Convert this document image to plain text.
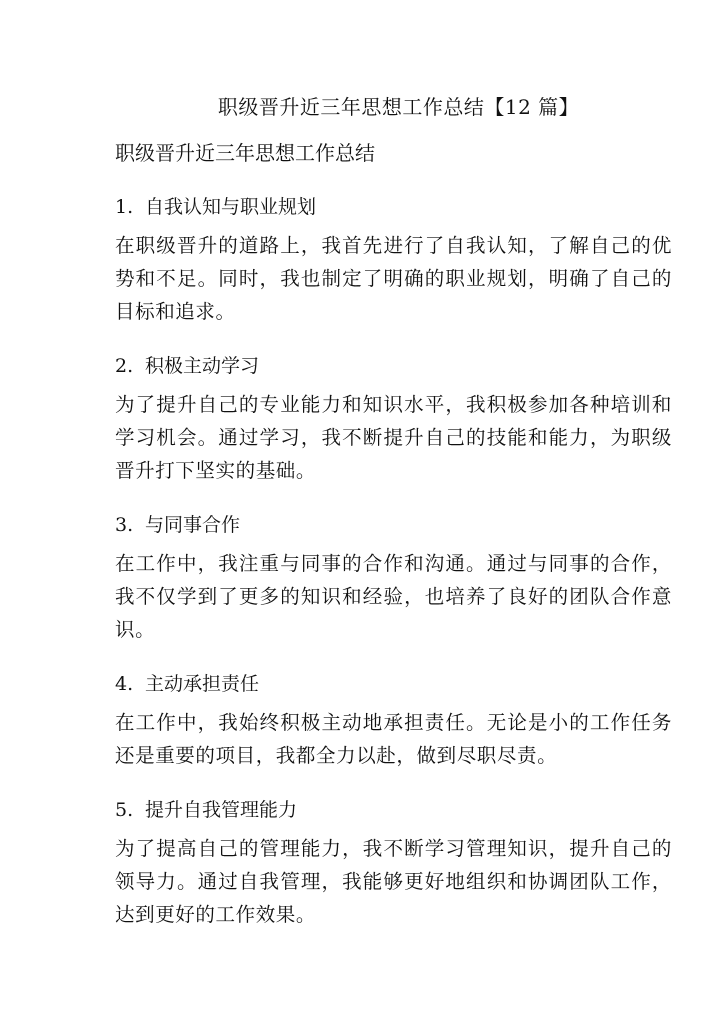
职级晋升近三年思想工作总结【12 篇】
职级晋升近三年思想工作总结
1. 自我认知与职业规划

在职级晋升的道路上，我首先进行了自我认知，了解自己的优势和不足。同时，我也制定了明确的职业规划，明确了自己的目标和追求。

2. 积极主动学习

为了提升自己的专业能力和知识水平，我积极参加各种培训和学习机会。通过学习，我不断提升自己的技能和能力，为职级晋升打下坚实的基础。

3. 与同事合作

在工作中，我注重与同事的合作和沟通。通过与同事的合作，我不仅学到了更多的知识和经验，也培养了良好的团队合作意识。

4. 主动承担责任

在工作中，我始终积极主动地承担责任。无论是小的工作任务还是重要的项目，我都全力以赴，做到尽职尽责。

5. 提升自我管理能力

为了提高自己的管理能力，我不断学习管理知识，提升自己的领导力。通过自我管理，我能够更好地组织和协调团队工作，达到更好的工作效果。
